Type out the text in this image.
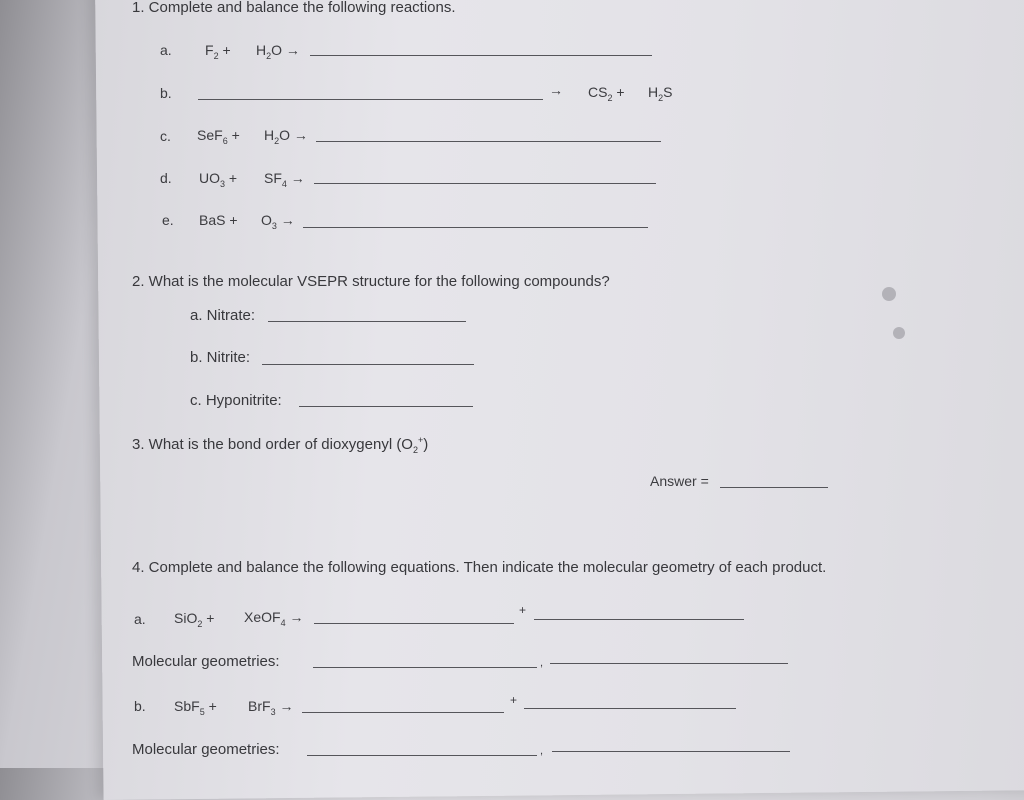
1. Complete and balance the following reactions.
a. $F_2 + H_2O$ →
b.	→ $CS_2 + H_2S$
c. $SeF_6 + H_2O$ →
d. $UO_3 + SF_4$ →
e. BaS + $O_3$ →
2. What is the molecular VSEPR structure for the following compounds?
a. Nitrate:
b. Nitrite:
c. Hyponitrite:
3. What is the bond order of dioxygenyl $(O_2^+)$
Answer =
4. Complete and balance the following equations. Then indicate the molecular geometry of each product.
a. SiO$_2$ + XeOF$_4$ →	+
Molecular geometries:	,
b. SbF$_5$ + BrF$_3$ →	+
Molecular geometries:	,
